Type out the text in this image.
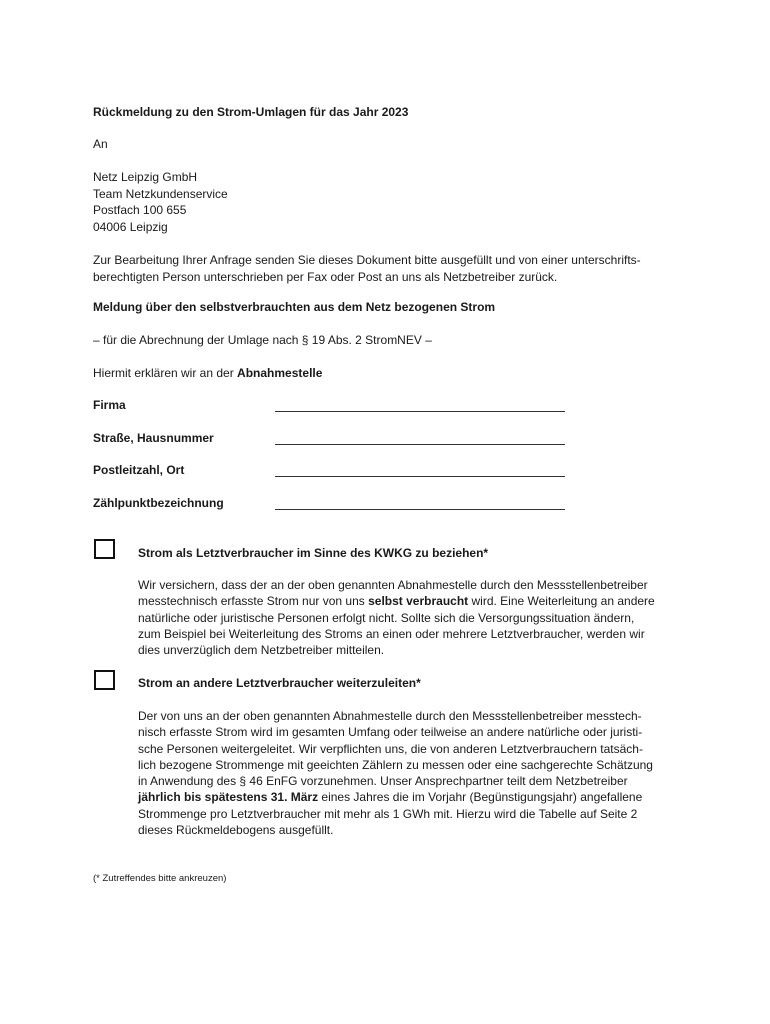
Rückmeldung zu den Strom-Umlagen für das Jahr 2023
An
Netz Leipzig GmbH
Team Netzkundenservice
Postfach 100 655
04006 Leipzig
Zur Bearbeitung Ihrer Anfrage senden Sie dieses Dokument bitte ausgefüllt und von einer unterschrifts-
berechtigten Person unterschrieben per Fax oder Post an uns als Netzbetreiber zurück.
Meldung über den selbstverbrauchten aus dem Netz bezogenen Strom
– für die Abrechnung der Umlage nach § 19 Abs. 2 StromNEV –
Hiermit erklären wir an der Abnahmestelle
Firma
Straße, Hausnummer
Postleitzahl, Ort
Zählpunktbezeichnung
Strom als Letztverbraucher im Sinne des KWKG zu beziehen*
Wir versichern, dass der an der oben genannten Abnahmestelle durch den Messstellenbetreiber
messtechnisch erfasste Strom nur von uns selbst verbraucht wird. Eine Weiterleitung an andere
natürliche oder juristische Personen erfolgt nicht. Sollte sich die Versorgungssituation ändern,
zum Beispiel bei Weiterleitung des Stroms an einen oder mehrere Letztverbraucher, werden wir
dies unverzüglich dem Netzbetreiber mitteilen.
Strom an andere Letztverbraucher weiterzuleiten*
Der von uns an der oben genannten Abnahmestelle durch den Messstellenbetreiber messtech-
nisch erfasste Strom wird im gesamten Umfang oder teilweise an andere natürliche oder juristi-
sche Personen weitergeleitet. Wir verpflichten uns, die von anderen Letztverbrauchern tatsäch-
lich bezogene Strommenge mit geeichten Zählern zu messen oder eine sachgerechte Schätzung
in Anwendung des § 46 EnFG vorzunehmen. Unser Ansprechpartner teilt dem Netzbetreiber
jährlich bis spätestens 31. März eines Jahres die im Vorjahr (Begünstigungsjahr) angefallene
Strommenge pro Letztverbraucher mit mehr als 1 GWh mit. Hierzu wird die Tabelle auf Seite 2
dieses Rückmeldebogens ausgefüllt.
(* Zutreffendes bitte ankreuzen)
